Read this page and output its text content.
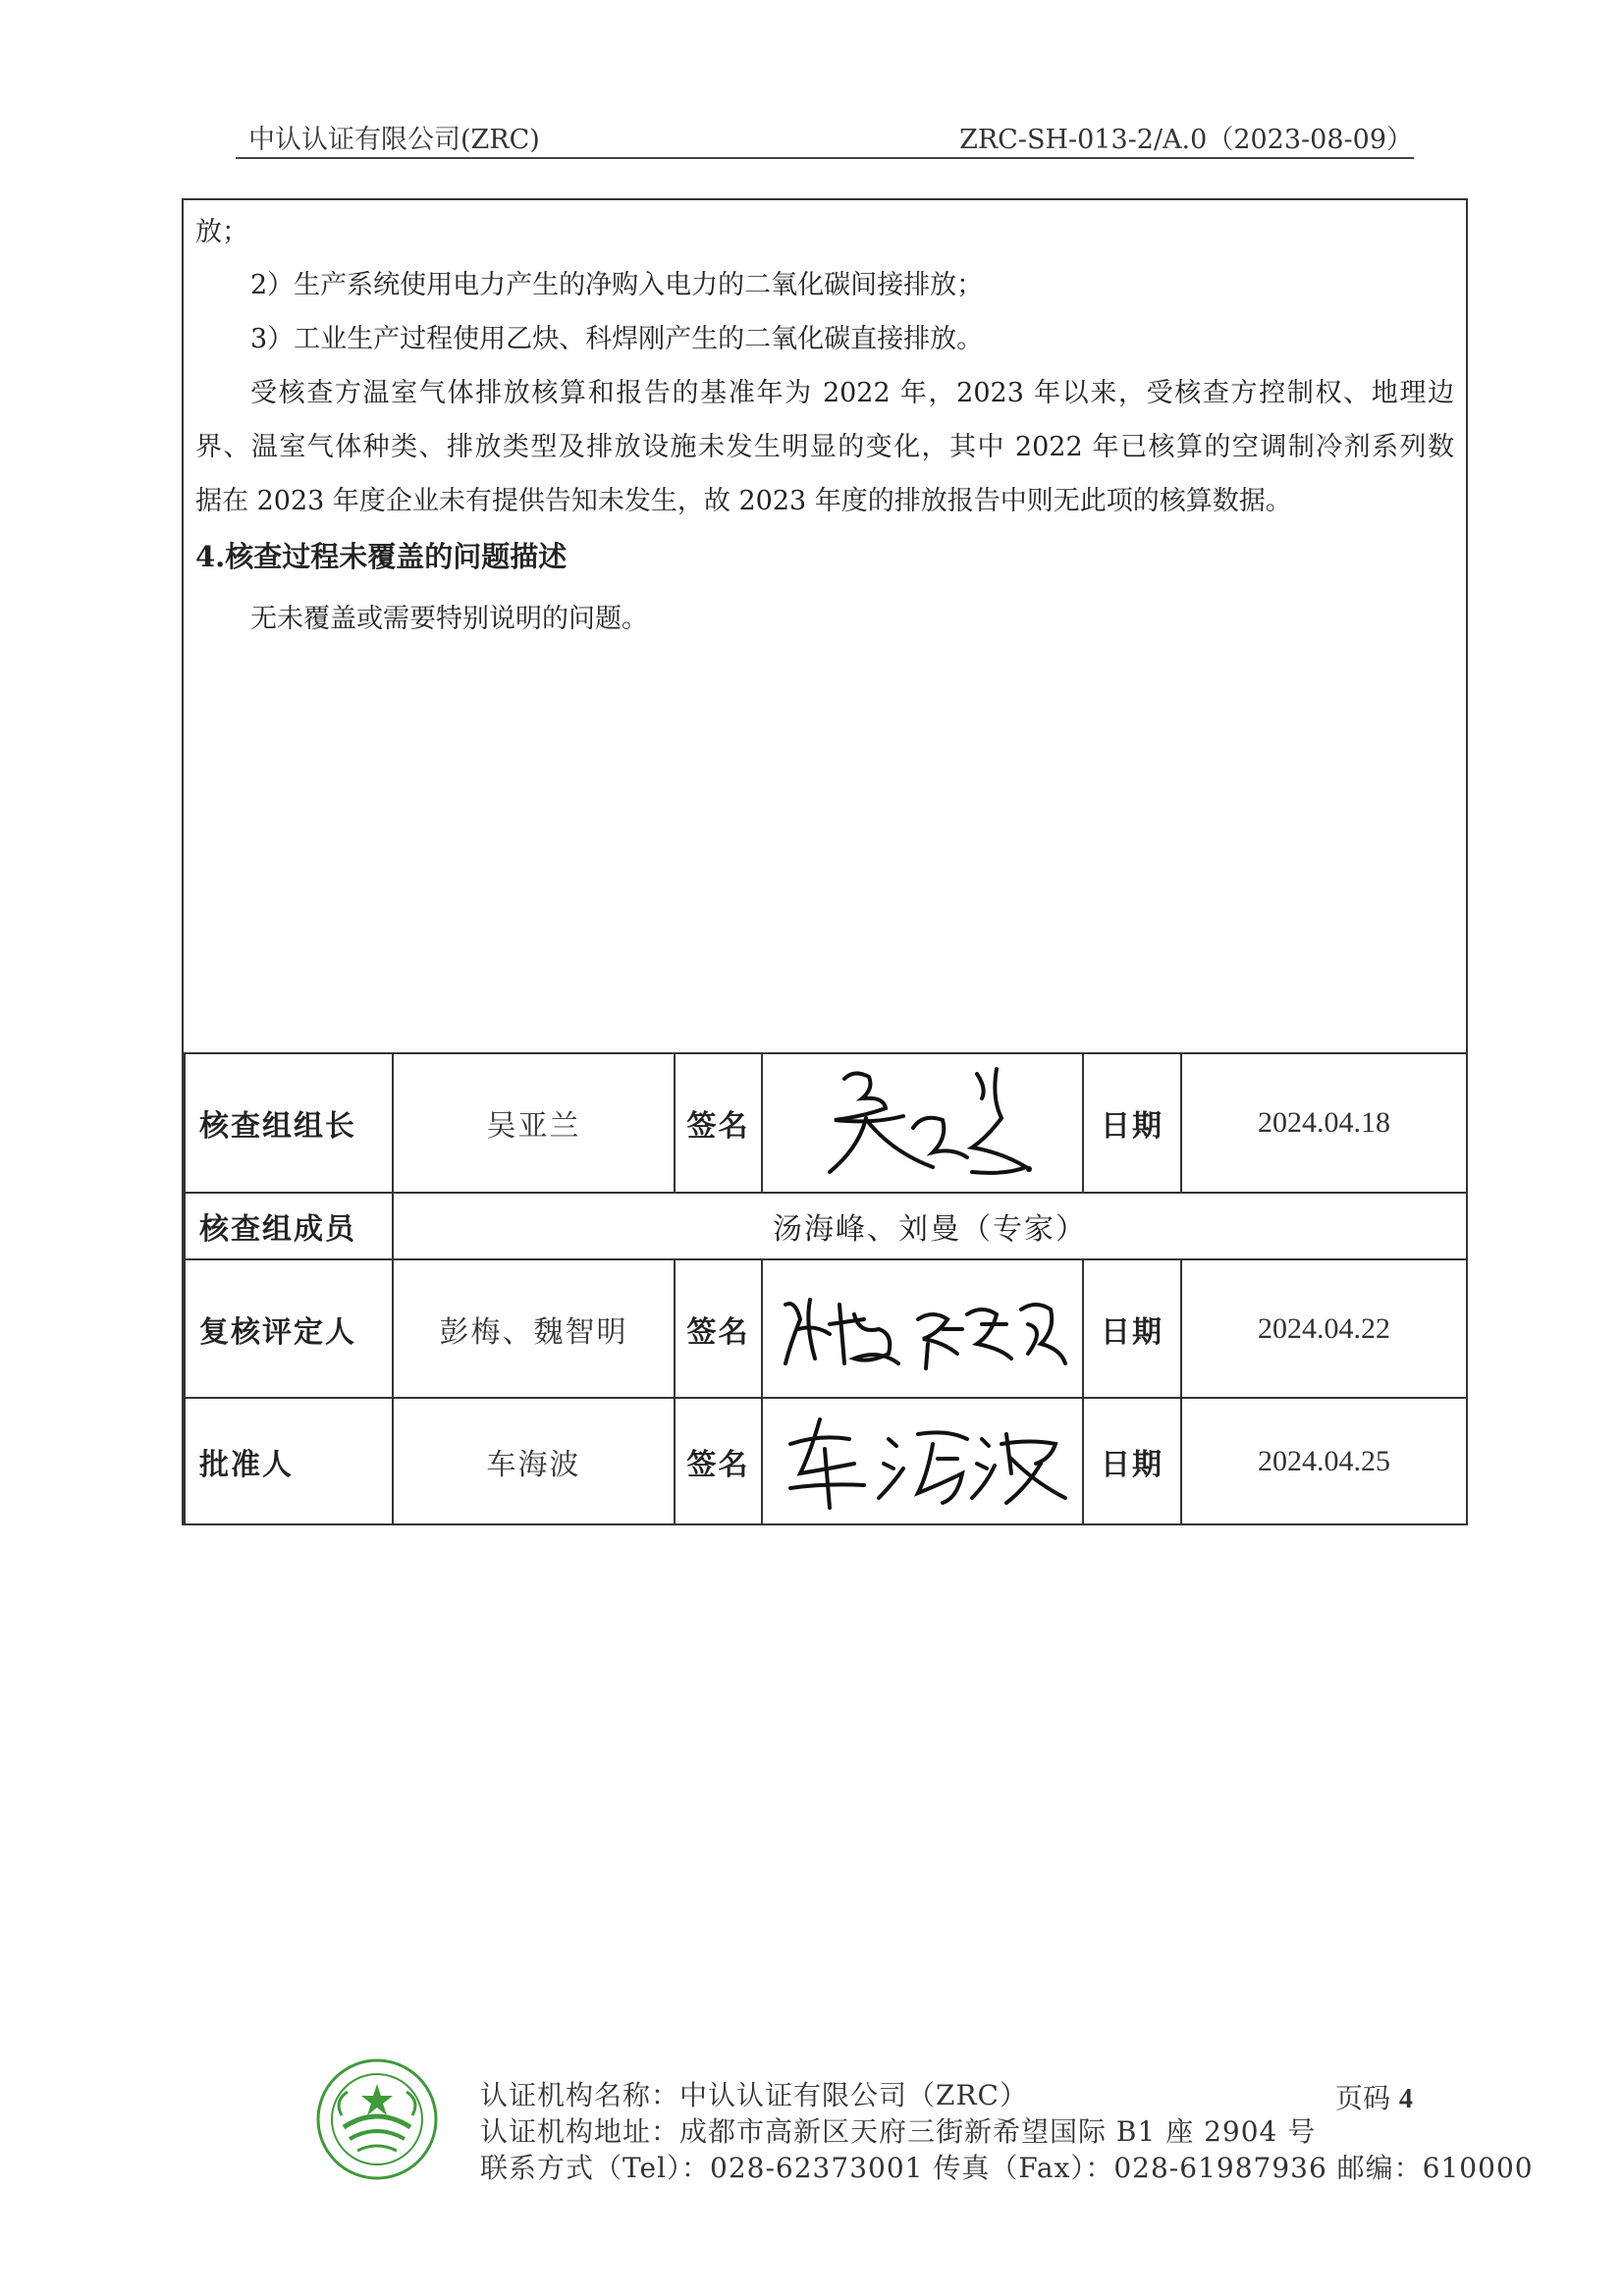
中认认证有限公司(ZRC)	ZRC-SH-013-2/A.0（2023-08-09）
放；
2）生产系统使用电力产生的净购入电力的二氧化碳间接排放；
3）工业生产过程使用乙炔、科焊刚产生的二氧化碳直接排放。
受核查方温室气体排放核算和报告的基准年为 2022 年，2023 年以来，受核查方控制权、地理边
界、温室气体种类、排放类型及排放设施未发生明显的变化，其中 2022 年已核算的空调制冷剂系列数
据在 2023 年度企业未有提供告知未发生，故 2023 年度的排放报告中则无此项的核算数据。
4.核查过程未覆盖的问题描述
无未覆盖或需要特别说明的问题。
核查组组长	吴亚兰	签名		日期	2024.04.18
核查组成员	汤海峰、刘曼（专家）				
复核评定人	彭梅、魏智明	签名		日期	2024.04.22
批准人	车海波	签名		日期	2024.04.25
认证机构名称：中认认证有限公司（ZRC）
认证机构地址：成都市高新区天府三街新希望国际 B1 座 2904 号
联系方式（Tel）：028-62373001 传真（Fax）：028-61987936 邮编：610000
页码 4
